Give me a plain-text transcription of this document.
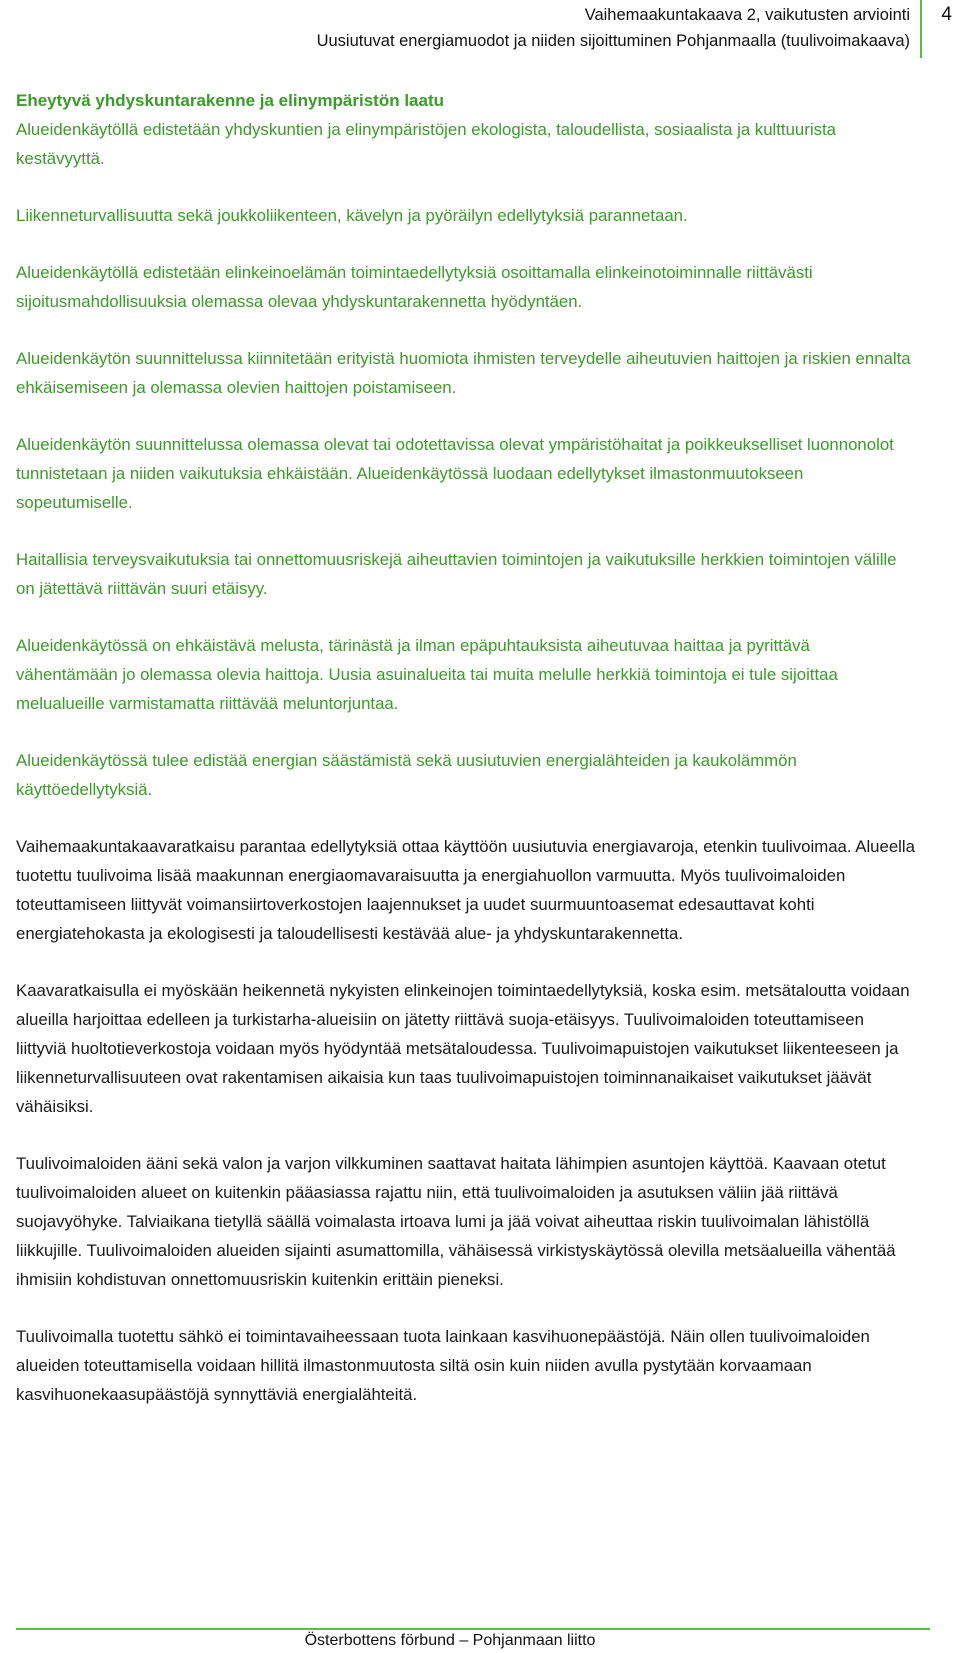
Vaihemaakuntakaava 2, vaikutusten arviointi
Uusiutuvat energiamuodot ja niiden sijoittuminen Pohjanmaalla (tuulivoimakaava)
4
Eheytyvä yhdyskuntarakenne ja elinympäristön laatu

Alueidenkäytöllä edistetään yhdyskuntien ja elinympäristöjen ekologista, taloudellista, sosiaalista ja kulttuurista kestävyyttä.

Liikenneturvallisuutta sekä joukkoliikenteen, kävelyn ja pyöräilyn edellytyksiä parannetaan.

Alueidenkäytöllä edistetään elinkeinoelämän toimintaedellytyksiä osoittamalla elinkeinotoiminnalle riittävästi sijoitusmahdollisuuksia olemassa olevaa yhdyskuntarakennetta hyödyntäen.

Alueidenkäytön suunnittelussa kiinnitetään erityistä huomiota ihmisten terveydelle aiheutuvien haittojen ja riskien ennalta ehkäisemiseen ja olemassa olevien haittojen poistamiseen.

Alueidenkäytön suunnittelussa olemassa olevat tai odotettavissa olevat ympäristöhaitat ja poikkeukselliset luonnonolot tunnistetaan ja niiden vaikutuksia ehkäistään. Alueidenkäytössä luodaan edellytykset ilmastonmuutokseen sopeutumiselle.

Haitallisia terveysvaikutuksia tai onnettomuusriskejä aiheuttavien toimintojen ja vaikutuksille herkkien toimintojen välille on jätettävä riittävän suuri etäisyy.

Alueidenkäytössä on ehkäistävä melusta, tärinästä ja ilman epäpuhtauksista aiheutuvaa haittaa ja pyrittävä vähentämään jo olemassa olevia haittoja. Uusia asuinalueita tai muita melulle herkkiä toimintoja ei tule sijoittaa melualueille varmistamatta riittävää meluntorjuntaa.

Alueidenkäytössä tulee edistää energian säästämistä sekä uusiutuvien energialähteiden ja kaukolämmön käyttöedellytyksiä.

Vaihemaakuntakaavaratkaisu parantaa edellytyksiä ottaa käyttöön uusiutuvia energiavaroja, etenkin tuulivoimaa. Alueella tuotettu tuulivoima lisää maakunnan energiaomavaraisuutta ja energiahuollon varmuutta. Myös tuulivoimaloiden toteuttamiseen liittyvät voimansiirtoverkostojen laajennukset ja uudet suurmuuntoasemat edesauttavat kohti energiatehokasta ja ekologisesti ja taloudellisesti kestävää alue- ja yhdyskuntarakennetta.

Kaavaratkaisulla ei myöskään heikennetä nykyisten elinkeinojen toimintaedellytyksiä, koska esim. metsätaloutta voidaan alueilla harjoittaa edelleen ja turkistarha-alueisiin on jätetty riittävä suoja-etäisyys. Tuulivoimaloiden toteuttamiseen liittyviä huoltotieverkostoja voidaan myös hyödyntää metsätaloudessa. Tuulivoimapuistojen vaikutukset liikenteeseen ja liikenneturvallisuuteen ovat rakentamisen aikaisia kun taas tuulivoimapuistojen toiminnanaikaiset vaikutukset jäävät vähäisiksi.

Tuulivoimaloiden ääni sekä valon ja varjon vilkkuminen saattavat haitata lähimpien asuntojen käyttöä. Kaavaan otetut tuulivoimaloiden alueet on kuitenkin pääasiassa rajattu niin, että tuulivoimaloiden ja asutuksen väliin jää riittävä suojavyöhyke. Talviaikana tietyllä säällä voimalasta irtoava lumi ja jää voivat aiheuttaa riskin tuulivoimalan lähistöllä liikkujille. Tuulivoimaloiden alueiden sijainti asumattomilla, vähäisessä virkistyskäytössä olevilla metsäalueilla vähentää ihmisiin kohdistuvan onnettomuusriskin kuitenkin erittäin pieneksi.

Tuulivoimalla tuotettu sähkö ei toimintavaiheessaan tuota lainkaan kasvihuonepäästöjä. Näin ollen tuulivoimaloiden alueiden toteuttamisella voidaan hillitä ilmastonmuutosta siltä osin kuin niiden avulla pystytään korvaamaan kasvihuonekaasupäästöjä synnyttäviä energialähteitä.

Österbottens förbund – Pohjanmaan liitto
